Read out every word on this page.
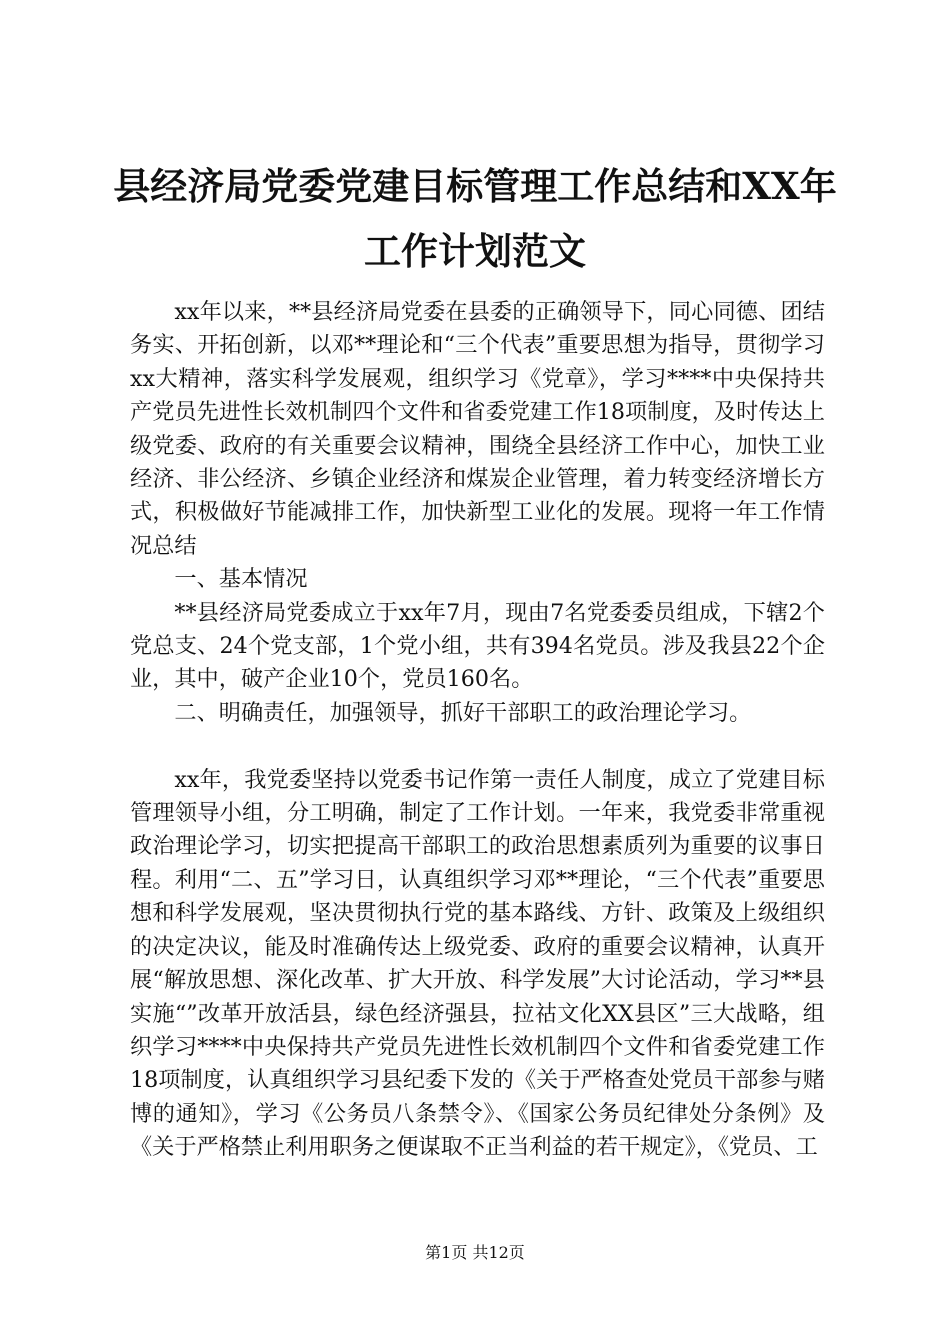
县经济局党委党建目标管理工作总结和XX年
工作计划范文

xx年以来，**县经济局党委在县委的正确领导下，同心同德、团结务实、开拓创新，以邓**理论和“三个代表”重要思想为指导，贯彻学习xx大精神，落实科学发展观，组织学习《党章》，学习****中央保持共产党员先进性长效机制四个文件和省委党建工作18项制度，及时传达上级党委、政府的有关重要会议精神，围绕全县经济工作中心，加快工业经济、非公经济、乡镇企业经济和煤炭企业管理，着力转变经济增长方式，积极做好节能减排工作，加快新型工业化的发展。现将一年工作情况总结

一、基本情况

**县经济局党委成立于xx年7月，现由7名党委委员组成，下辖2个党总支、24个党支部，1个党小组，共有394名党员。涉及我县22个企业，其中，破产企业10个，党员160名。

二、明确责任，加强领导，抓好干部职工的政治理论学习。

xx年，我党委坚持以党委书记作第一责任人制度，成立了党建目标管理领导小组，分工明确，制定了工作计划。一年来，我党委非常重视政治理论学习，切实把提高干部职工的政治思想素质列为重要的议事日程。利用“二、五”学习日，认真组织学习邓**理论，“三个代表”重要思想和科学发展观，坚决贯彻执行党的基本路线、方针、政策及上级组织的决定决议，能及时准确传达上级党委、政府的重要会议精神，认真开展“解放思想、深化改革、扩大开放、科学发展”大讨论活动，学习**县实施“”改革开放活县，绿色经济强县，拉祜文化XX县区”三大战略，组织学习****中央保持共产党员先进性长效机制四个文件和省委党建工作18项制度，认真组织学习县纪委下发的《关于严格查处党员干部参与赌博的通知》，学习《公务员八条禁令》、《国家公务员纪律处分条例》及《关于严格禁止利用职务之便谋取不正当利益的若干规定》，《党员、工

第1页 共12页
